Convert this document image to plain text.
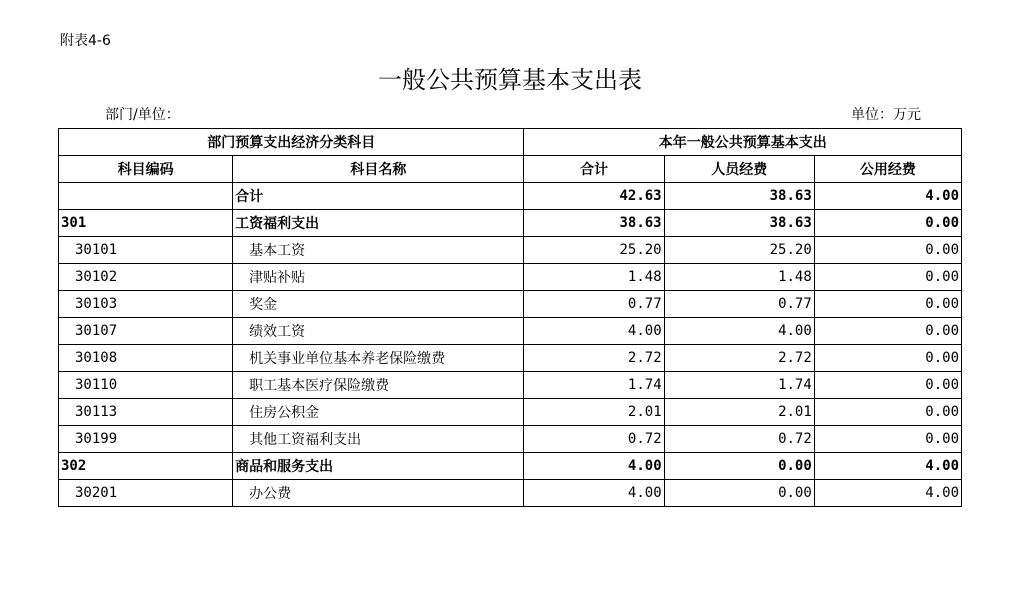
附表4-6
一般公共预算基本支出表
部门/单位：	单位：万元
部门预算支出经济分类科目		本年一般公共预算基本支出		
科目编码	科目名称	合计	人员经费	公用经费
	合计	42.63	38.63	4.00
301	工资福利支出	38.63	38.63	0.00
30101	基本工资	25.20	25.20	0.00
30102	津贴补贴	1.48	1.48	0.00
30103	奖金	0.77	0.77	0.00
30107	绩效工资	4.00	4.00	0.00
30108	机关事业单位基本养老保险缴费	2.72	2.72	0.00
30110	职工基本医疗保险缴费	1.74	1.74	0.00
30113	住房公积金	2.01	2.01	0.00
30199	其他工资福利支出	0.72	0.72	0.00
302	商品和服务支出	4.00	0.00	4.00
30201	办公费	4.00	0.00	4.00
